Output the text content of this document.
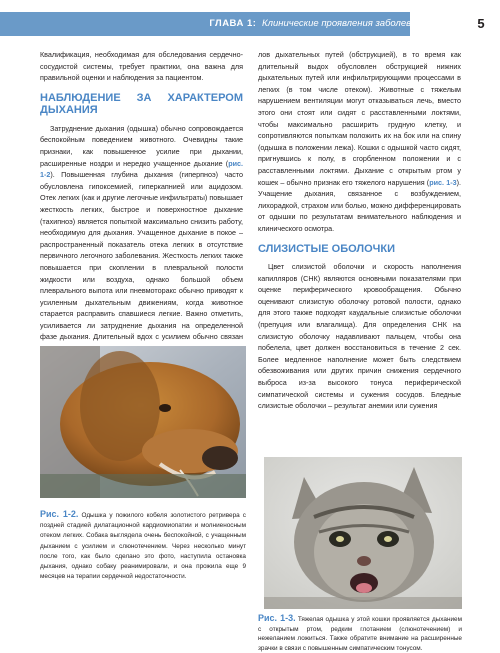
ГЛАВА 1: Клинические проявления заболеваний сердца 5

Квалификация, необходимая для обследования сердечно-сосудистой системы, требует практики, она важна для правильной оценки и наблюдения за пациентом.

НАБЛЮДЕНИЕ ЗА ХАРАКТЕРОМ ДЫХАНИЯ

Затруднение дыхания (одышка) обычно сопровождается беспокойным поведением животного. Очевидны такие признаки, как повышенное усилие при дыхании, расширенные ноздри и нередко учащенное дыхание (рис. 1-2). Повышенная глубина дыхания (гиперпноэ) часто обусловлена гипоксемией, гиперкапнией или ацидозом. Отек легких (как и другие легочные инфильтраты) повышает жесткость легких, быстрое и поверхностное дыхание (тахипноэ) является попыткой максимально снизить работу, необходимую для дыхания. Учащенное дыхание в покое – распространенный показатель отека легких в отсутствие первичного легочного заболевания. Жесткость легких также повышается при скоплении в плевральной полости жидкости или воздуха, однако большой объем плеврального выпота или пневмоторакс обычно приводят к усиленным дыхательным движениям, когда животное старается расправить спавшиеся легкие. Важно отметить, усиливается ли затруднение дыхания на определенной фазе дыхания. Длительный вдох с усилием обычно связан

Рис. 1-2. Одышка у пожилого кобеля золотистого ретривера с поздней стадией дилатационной кардиомиопатии и молниеносным отеком легких. Собака выглядела очень беспокойной, с учащенным дыханием с усилием и слюнотечением. Через несколько минут после того, как было сделано это фото, наступила остановка дыхания, однако собаку реанимировали, и она прожила еще 9 месяцев на терапии сердечной недостаточности.

лов дыхательных путей (обструкцией), в то время как длительный выдох обусловлен обструкцией нижних дыхательных путей или инфильтрирующими процессами в легких (в том числе отеком). Животные с тяжелым нарушением вентиляции могут отказываться лечь, вместо этого они стоят или сидят с расставленными локтями, чтобы максимально расширить грудную клетку, и сопротивляются попыткам положить их на бок или на спину (одышка в положении лежа). Кошки с одышкой часто сидят, пригнувшись к полу, в сгорбленном положении и с расставленными локтями. Дыхание с открытым ртом у кошек – обычно признак его тяжелого нарушения (рис. 1-3). Учащение дыхания, связанное с возбуждением, лихорадкой, страхом или болью, можно дифференцировать от одышки по результатам внимательного наблюдения и клинического осмотра.

СЛИЗИСТЫЕ ОБОЛОЧКИ

Цвет слизистой оболочки и скорость наполнения капилляров (СНК) являются основными показателями при оценке периферического кровообращения. Обычно оценивают слизистую оболочку ротовой полости, однако для этого также подходят каудальные слизистые оболочки (препуция или влагалища). Для определения СНК на слизистую оболочку надавливают пальцем, чтобы она побелела, цвет должен восстановиться в течение 2 сек. Более медленное наполнение может быть следствием обезвоживания или других причин снижения сердечного выброса из-за высокого тонуса периферической симпатической системы и сужения сосудов. Бледные слизистые оболочки – результат анемии или сужения

Рис. 1-3. Тяжелая одышка у этой кошки проявляется дыханием с открытым ртом, редким глотанием (слюнотечением) и нежеланием ложиться. Также обратите внимание на расширенные зрачки в связи с повышенным симпатическим тонусом.
